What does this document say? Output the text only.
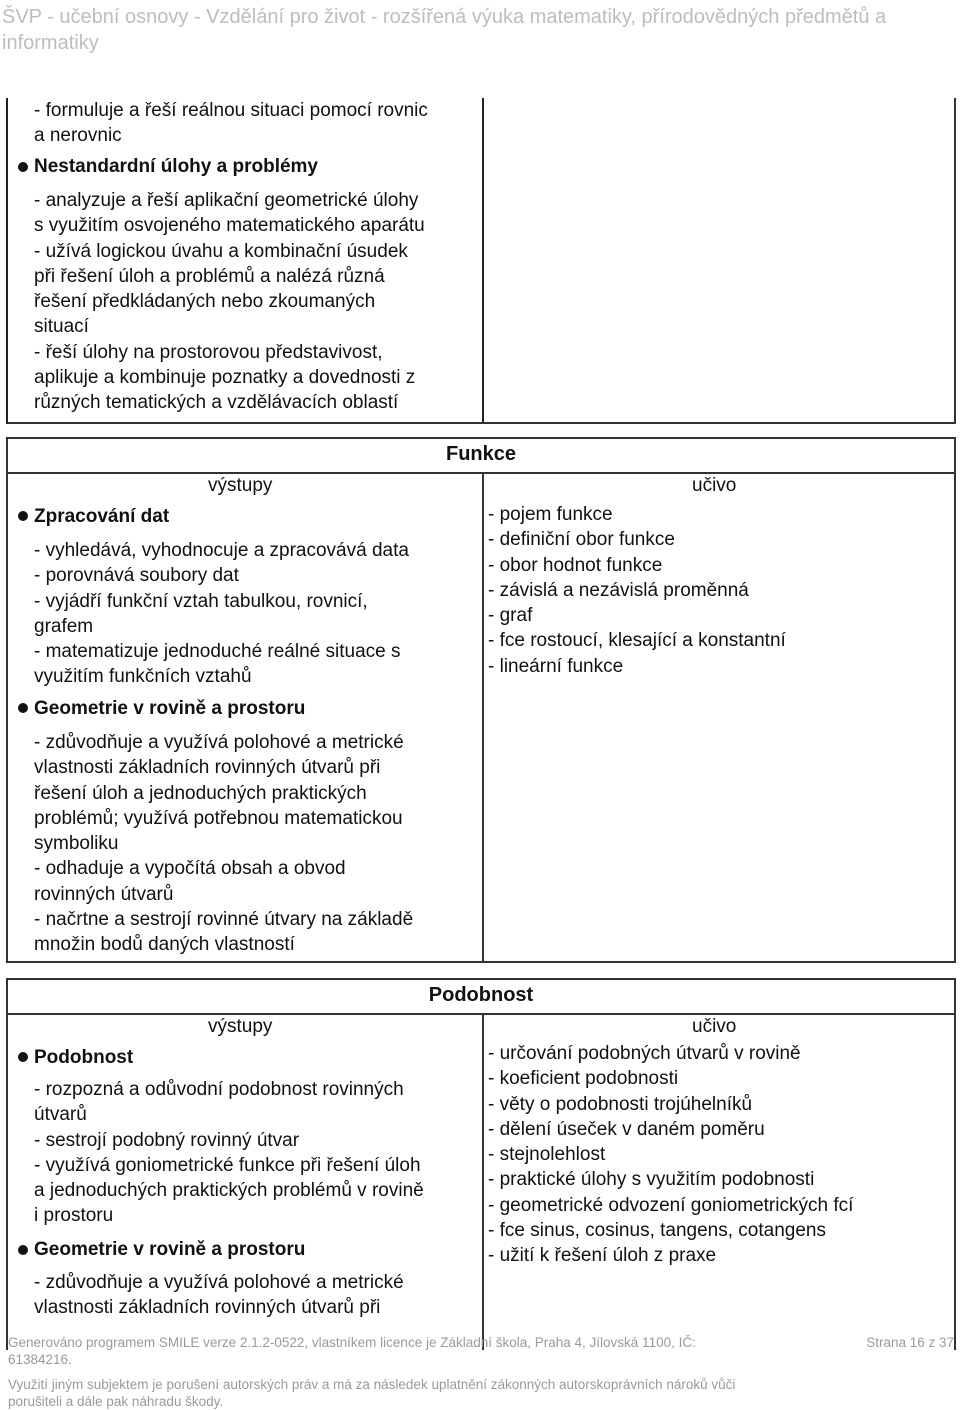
ŠVP - učební osnovy - Vzdělání pro život - rozšířená výuka matematiky, přírodovědných předmětů a
informatiky
- formuluje a řeší reálnou situaci pomocí rovnic
a nerovnic
Nestandardní úlohy a problémy
- analyzuje a řeší aplikační geometrické úlohy
s využitím osvojeného matematického aparátu
- užívá logickou úvahu a kombinační úsudek
při řešení úloh a problémů a nalézá různá
řešení předkládaných nebo zkoumaných
situací
- řeší úlohy na prostorovou představivost,
aplikuje a kombinuje poznatky a dovednosti z
různých tematických a vzdělávacích oblastí
Funkce
výstupy	učivo
Zpracování dat
- vyhledává, vyhodnocuje a zpracovává data
- porovnává soubory dat
- vyjádří funkční vztah tabulkou, rovnicí,
grafem
- matematizuje jednoduché reálné situace s
využitím funkčních vztahů
Geometrie v rovině a prostoru
- zdůvodňuje a využívá polohové a metrické
vlastnosti základních rovinných útvarů při
řešení úloh a jednoduchých praktických
problémů; využívá potřebnou matematickou
symboliku
- odhaduje a vypočítá obsah a obvod
rovinných útvarů
- načrtne a sestrojí rovinné útvary na základě
množin bodů daných vlastností
- pojem funkce
- definiční obor funkce
- obor hodnot funkce
- závislá a nezávislá proměnná
- graf
- fce rostoucí, klesající a konstantní
- lineární funkce
Podobnost
výstupy	učivo
Podobnost
- rozpozná a odůvodní podobnost rovinných
útvarů
- sestrojí podobný rovinný útvar
- využívá goniometrické funkce při řešení úloh
a jednoduchých praktických problémů v rovině
i prostoru
Geometrie v rovině a prostoru
- zdůvodňuje a využívá polohové a metrické
vlastnosti základních rovinných útvarů při
- určování podobných útvarů v rovině
- koeficient podobnosti
- věty o podobnosti trojúhelníků
- dělení úseček v daném poměru
- stejnolehlost
- praktické úlohy s využitím podobnosti
- geometrické odvození goniometrických fcí
- fce sinus, cosinus, tangens, cotangens
- užití k řešení úloh z praxe
Generováno programem SMILE verze 2.1.2-0522, vlastníkem licence je Základní škola, Praha 4, Jílovská 1100, IČ:
61384216.
Strana 16 z 37
Využití jiným subjektem je porušení autorských práv a má za následek uplatnění zákonných autorskoprávních nároků vůči
porušiteli a dále pak náhradu škody.
